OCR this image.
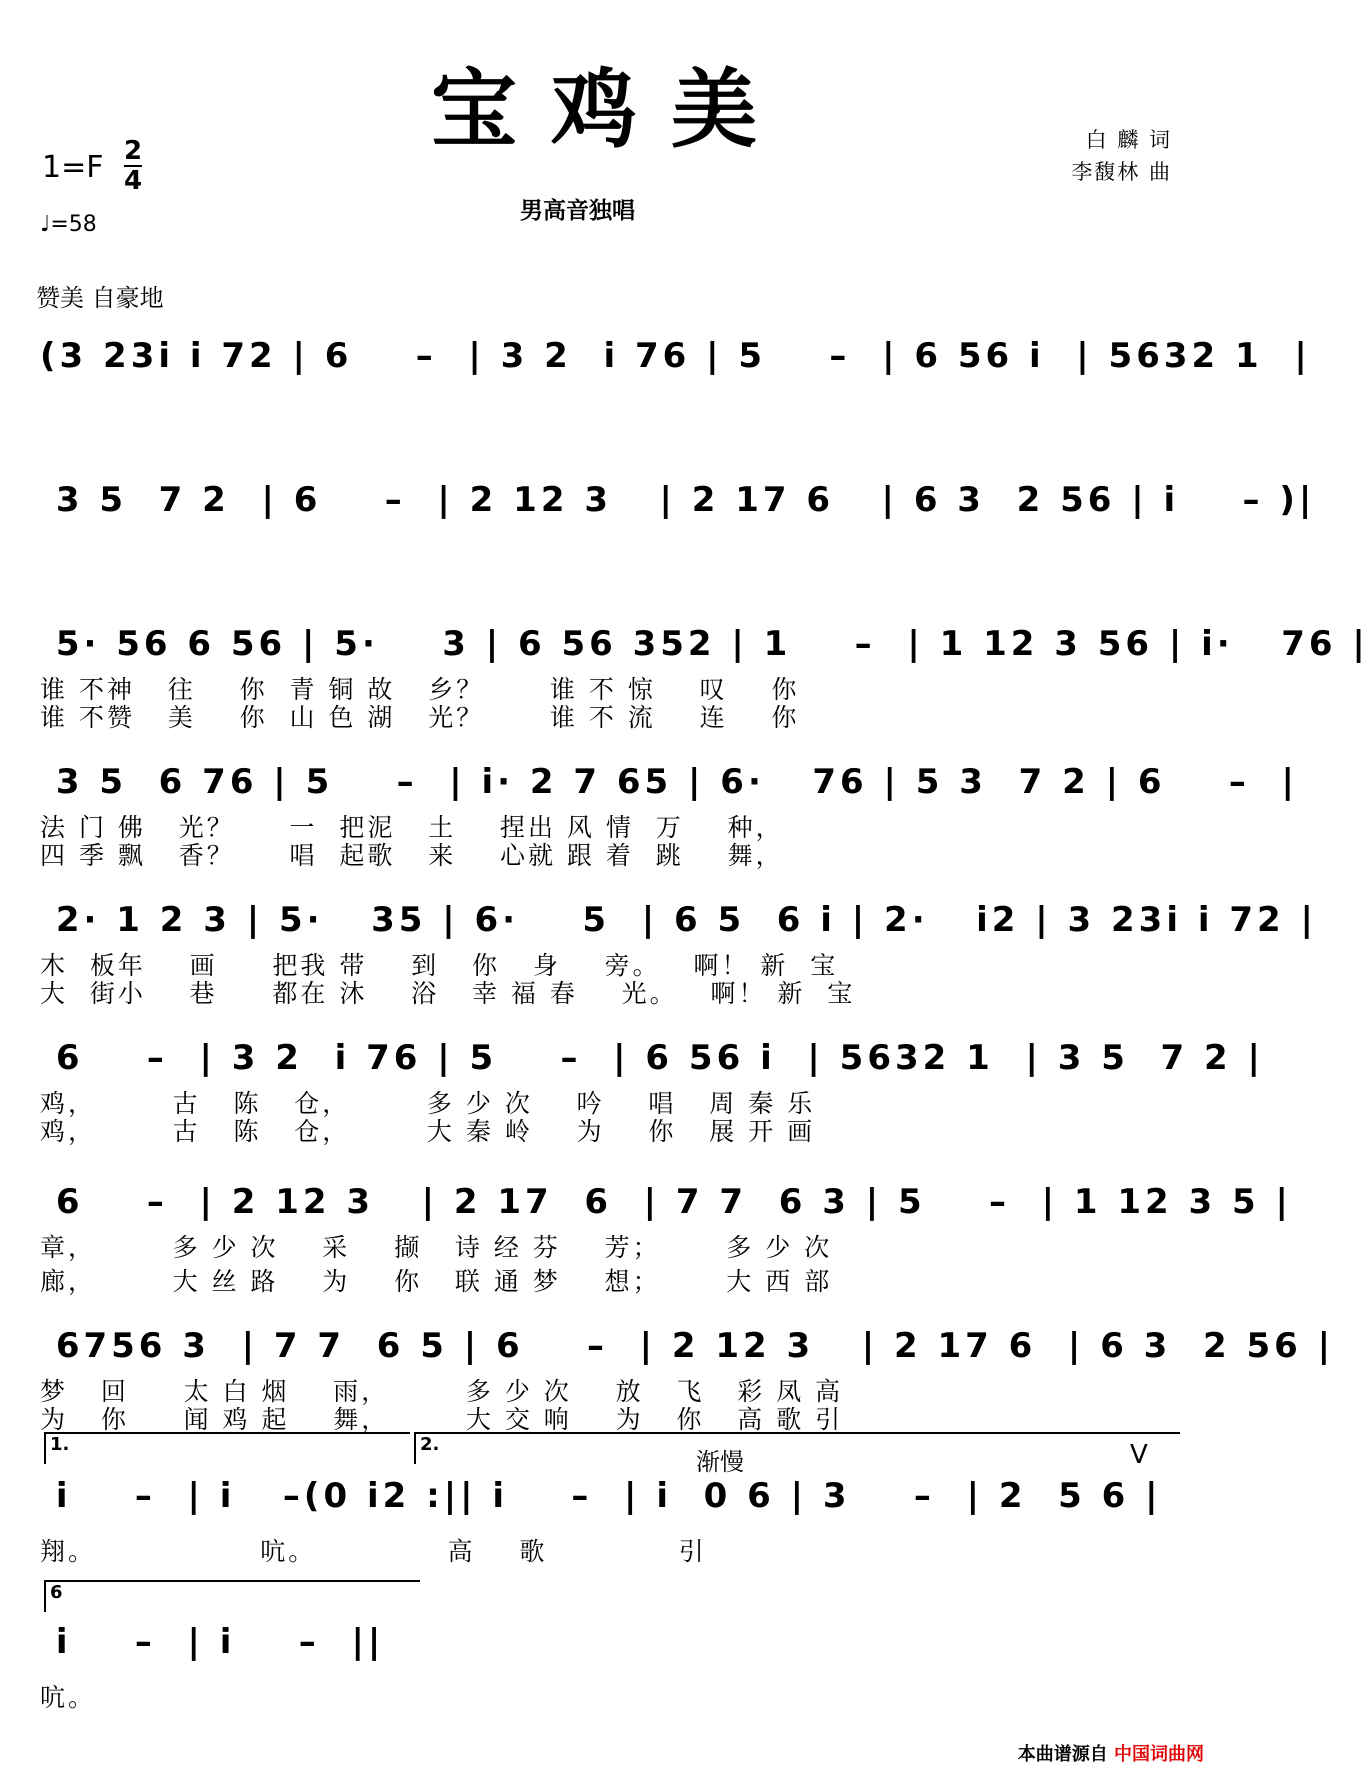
宝鸡美
1=F 2
4
♩=58
男高音独唱
白 麟 词
李馥林 曲
赞美 自豪地
(3 23i i 72 | 6    –  | 3 2  i 76 | 5    –  | 6 56 i  | 5632 1  |
3 5  7 2  | 6    –  | 2 12 3   | 2 17 6   | 6 3  2 56 | i    – )|
5· 56 6 56 | 5·    3 | 6 56 352 | 1    –  | 1 12 3 56 | i·   76 |
谁 不神   往    你  青 铜 故   乡？      谁 不 惊    叹    你
谁 不赞   美    你  山 色 湖   光？      谁 不 流    连    你
3 5  6 76 | 5    –  | i· 2 7 65 | 6·   76 | 5 3  7 2 | 6    –  |
法 门 佛   光？     一  把泥   土    捏出 风 情  万    种，
四 季 飘   香？     唱  起歌   来    心就 跟 着  跳    舞，
2· 1 2 3 | 5·   35 | 6·    5  | 6 5  6 i | 2·   i2 | 3 23i i 72 |
木  板年    画     把我 带    到   你   身    旁。   啊！ 新  宝
大  街小    巷     都在 沐    浴   幸 福 春    光。   啊！ 新  宝
6    –  | 3 2  i 76 | 5    –  | 6 56 i  | 5632 1  | 3 5  7 2 |
鸡，       古   陈   仓，       多 少 次    吟    唱   周 秦 乐
鸡，       古   陈   仓，       大 秦 岭    为    你   展 开 画
6    –  | 2 12 3   | 2 17  6  | 7 7  6 3 | 5    –  | 1 12 3 5 |
章，       多 少 次    采    撷   诗 经 芬    芳；      多 少 次
廊，       大 丝 路    为    你   联 通 梦    想；      大 西 部
6756 3  | 7 7  6 5 | 6    –  | 2 12 3   | 2 17 6  | 6 3  2 56 |
梦   回     太 白 烟    雨，       多 少 次    放   飞   彩 凤 高
为   你     闻 鸡 起    舞，       大 交 响    为   你   高 歌 引
1.	2.
渐慢	V
i    –  | i   –(0 i2 :|| i    –  | i  0 6 | 3    –  | 2  5 6 |
翔。               吭。            高    歌            引
6
i    –  | i    –  ||
吭。
本曲谱源自 中国词曲网
